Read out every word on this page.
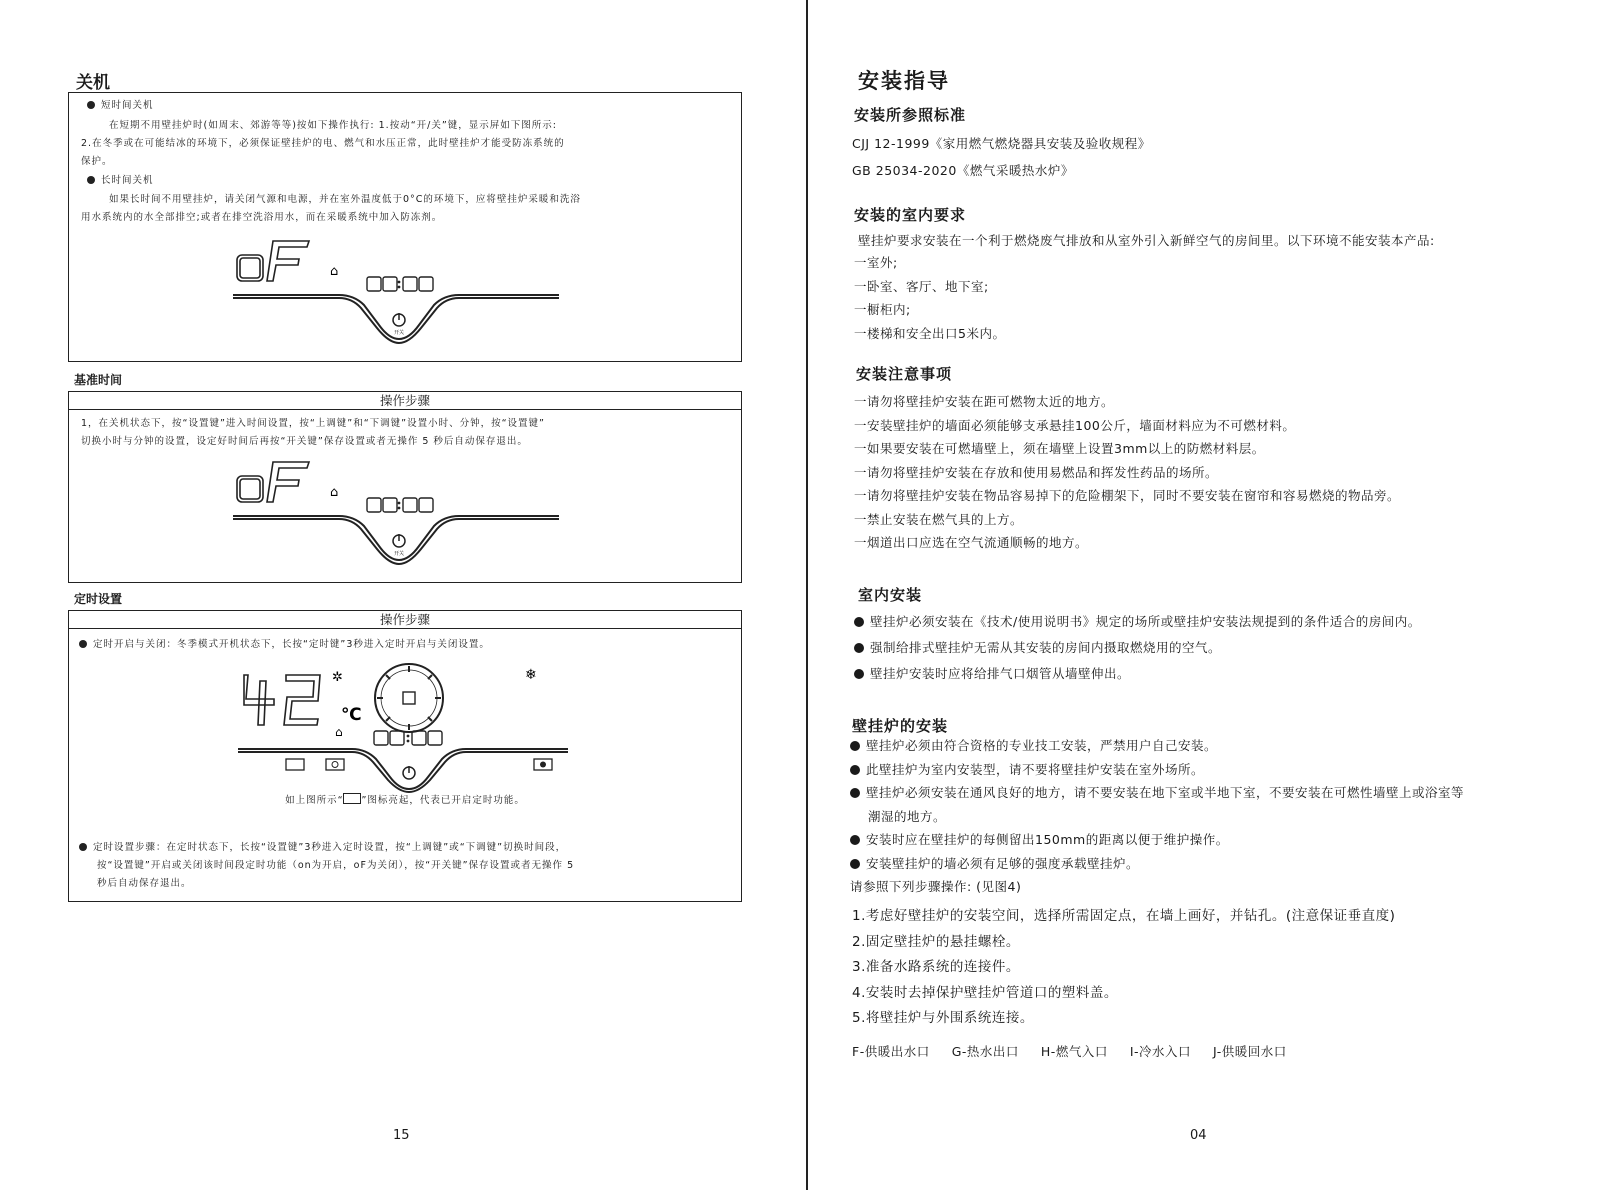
关机
短时间关机
在短期不用壁挂炉时(如周末、郊游等等)按如下操作执行: 1.按动“开/关”键，显示屏如下图所示:
2.在冬季或在可能结冰的环境下，必须保证壁挂炉的电、燃气和水压正常，此时壁挂炉才能受防冻系统的
保护。
长时间关机
如果长时间不用壁挂炉，请关闭气源和电源，并在室外温度低于0°C的环境下，应将壁挂炉采暖和洗浴
用水系统内的水全部排空;或者在排空洗浴用水，而在采暖系统中加入防冻剂。
⌂
开关
基准时间
操作步骤
1，在关机状态下，按“设置键”进入时间设置，按“上调键”和“下调键”设置小时、分钟，按“设置键”
切换小时与分钟的设置，设定好时间后再按“开关键”保存设置或者无操作 5 秒后自动保存退出。
⌂
开关
定时设置
操作步骤
定时开启与关闭：冬季模式开机状态下，长按“定时键”3秒进入定时开启与关闭设置。
✲
℃
⌂
❄
如上图所示“ ”图标亮起，代表已开启定时功能。
定时设置步骤：在定时状态下，长按“设置键”3秒进入定时设置，按“上调键”或“下调键”切换时间段，
按“设置键”开启或关闭该时间段定时功能（on为开启，oF为关闭），按“开关键”保存设置或者无操作 5
秒后自动保存退出。
15
安装指导
安装所参照标准
CJJ 12-1999《家用燃气燃烧器具安装及验收规程》
GB 25034-2020《燃气采暖热水炉》
安装的室内要求
壁挂炉要求安装在一个利于燃烧废气排放和从室外引入新鲜空气的房间里。以下环境不能安装本产品:
一室外;
一卧室、客厅、地下室;
一橱柜内;
一楼梯和安全出口5米内。
安装注意事项
一请勿将壁挂炉安装在距可燃物太近的地方。
一安装壁挂炉的墙面必须能够支承悬挂100公斤，墙面材料应为不可燃材料。
一如果要安装在可燃墙壁上，须在墙壁上设置3mm以上的防燃材料层。
一请勿将壁挂炉安装在存放和使用易燃品和挥发性药品的场所。
一请勿将壁挂炉安装在物品容易掉下的危险棚架下，同时不要安装在窗帘和容易燃烧的物品旁。
一禁止安装在燃气具的上方。
一烟道出口应选在空气流通顺畅的地方。
室内安装
壁挂炉必须安装在《技术/使用说明书》规定的场所或壁挂炉安装法规提到的条件适合的房间内。
强制给排式壁挂炉无需从其安装的房间内摄取燃烧用的空气。
壁挂炉安装时应将给排气口烟管从墙壁伸出。
壁挂炉的安装
壁挂炉必须由符合资格的专业技工安装，严禁用户自己安装。
此壁挂炉为室内安装型，请不要将壁挂炉安装在室外场所。
壁挂炉必须安装在通风良好的地方，请不要安装在地下室或半地下室，不要安装在可燃性墙壁上或浴室等
潮湿的地方。
安装时应在壁挂炉的每侧留出150mm的距离以便于维护操作。
安装壁挂炉的墙必须有足够的强度承载壁挂炉。
请参照下列步骤操作: (见图4)
1.考虑好壁挂炉的安装空间，选择所需固定点，在墙上画好，并钻孔。(注意保证垂直度)
2.固定壁挂炉的悬挂螺栓。
3.准备水路系统的连接件。
4.安装时去掉保护壁挂炉管道口的塑料盖。
5.将壁挂炉与外围系统连接。
F-供暖出水口 G-热水出口 H-燃气入口 I-冷水入口 J-供暖回水口
04
